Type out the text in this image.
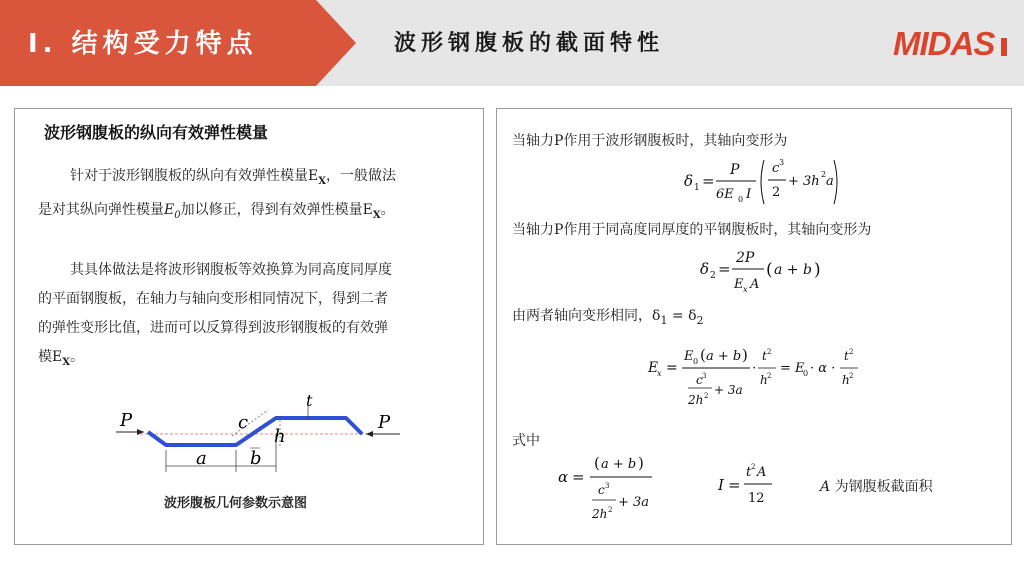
I. 结构受力特点	波形钢腹板的截面特性	MIDAS
波形钢腹板的纵向有效弹性模量
针对于波形钢腹板的纵向有效弹性模量$E_X$，一般做法
是对其纵向弹性模量$E_0$加以修正，得到有效弹性模量$E_X$。
其具体做法是将波形钢腹板等效换算为同高度同厚度
的平面钢腹板，在轴力与轴向变形相同情况下，得到二者
的弹性变形比值，进而可以反算得到波形钢腹板的有效弹
模$E_X$。
P	P
a b
c
h
t
波形腹板几何参数示意图
当轴力P作用于波形钢腹板时，其轴向变形为
δ 1 =
P
6E 0 I
c 3
2
+ 3h 2 a
当轴力P作用于同高度同厚度的平钢腹板时，其轴向变形为
δ 2 =
2P
E x A
( a + b )
由两者轴向变形相同，$\delta_1 = \delta_2$
E
x =
E 0 ( a + b )
c 3
2h 2 + 3a
·
t 2
h 2 = E
0 · α ·
t 2
h 2
式中
α =
( a + b )
c 3
2h 2 + 3a
I =
t 2 A
12
A 为钢腹板截面积
